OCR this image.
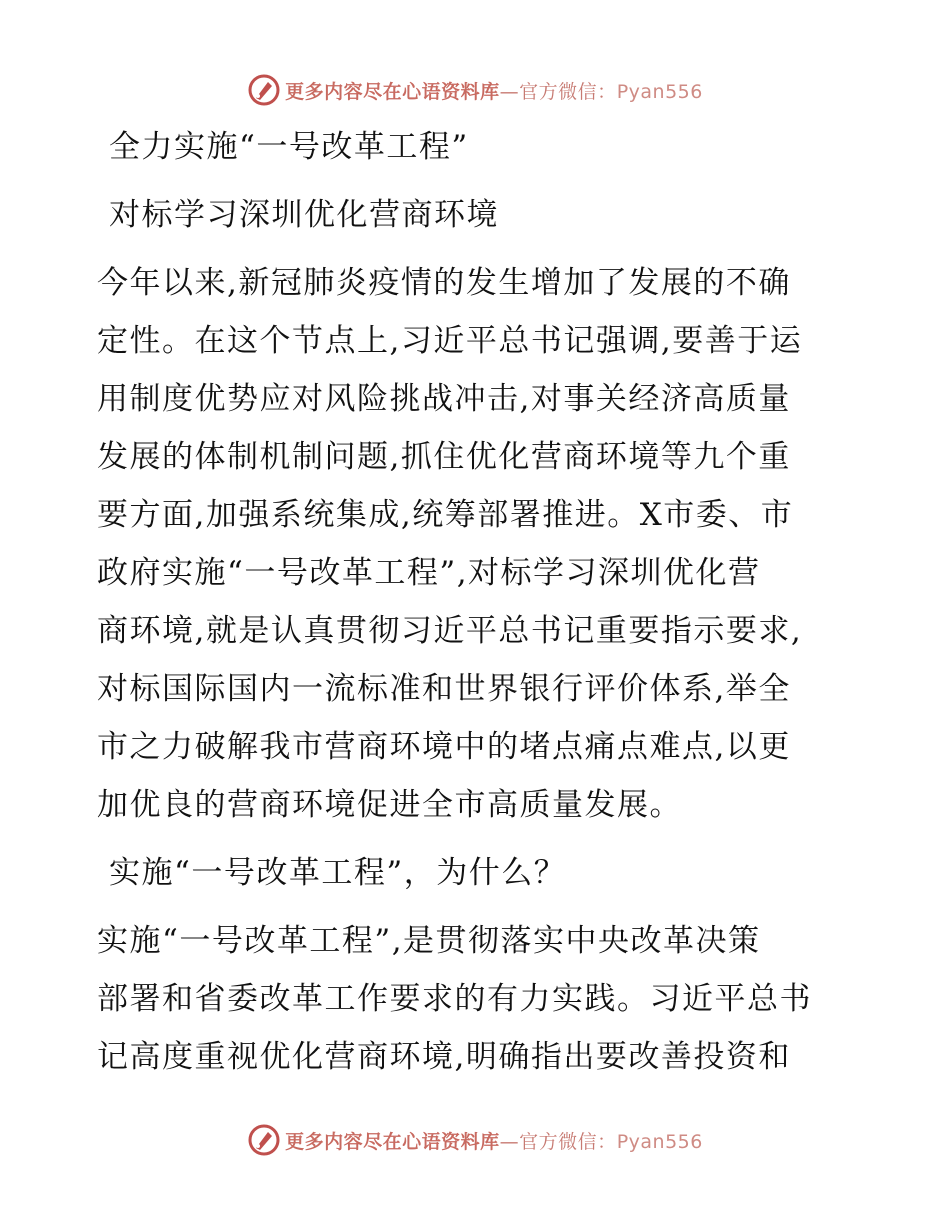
更多内容尽在心语资料库—官方微信：Pyan556
全力实施“一号改革工程”
对标学习深圳优化营商环境
今年以来,新冠肺炎疫情的发生增加了发展的不确
定性。在这个节点上,习近平总书记强调,要善于运
用制度优势应对风险挑战冲击,对事关经济高质量
发展的体制机制问题,抓住优化营商环境等九个重
要方面,加强系统集成,统筹部署推进。X市委、市
政府实施“一号改革工程”,对标学习深圳优化营
商环境,就是认真贯彻习近平总书记重要指示要求,
对标国际国内一流标准和世界银行评价体系,举全
市之力破解我市营商环境中的堵点痛点难点,以更
加优良的营商环境促进全市高质量发展。
实施“一号改革工程”，为什么？
实施“一号改革工程”,是贯彻落实中央改革决策
部署和省委改革工作要求的有力实践。习近平总书
记高度重视优化营商环境,明确指出要改善投资和
更多内容尽在心语资料库—官方微信：Pyan556
